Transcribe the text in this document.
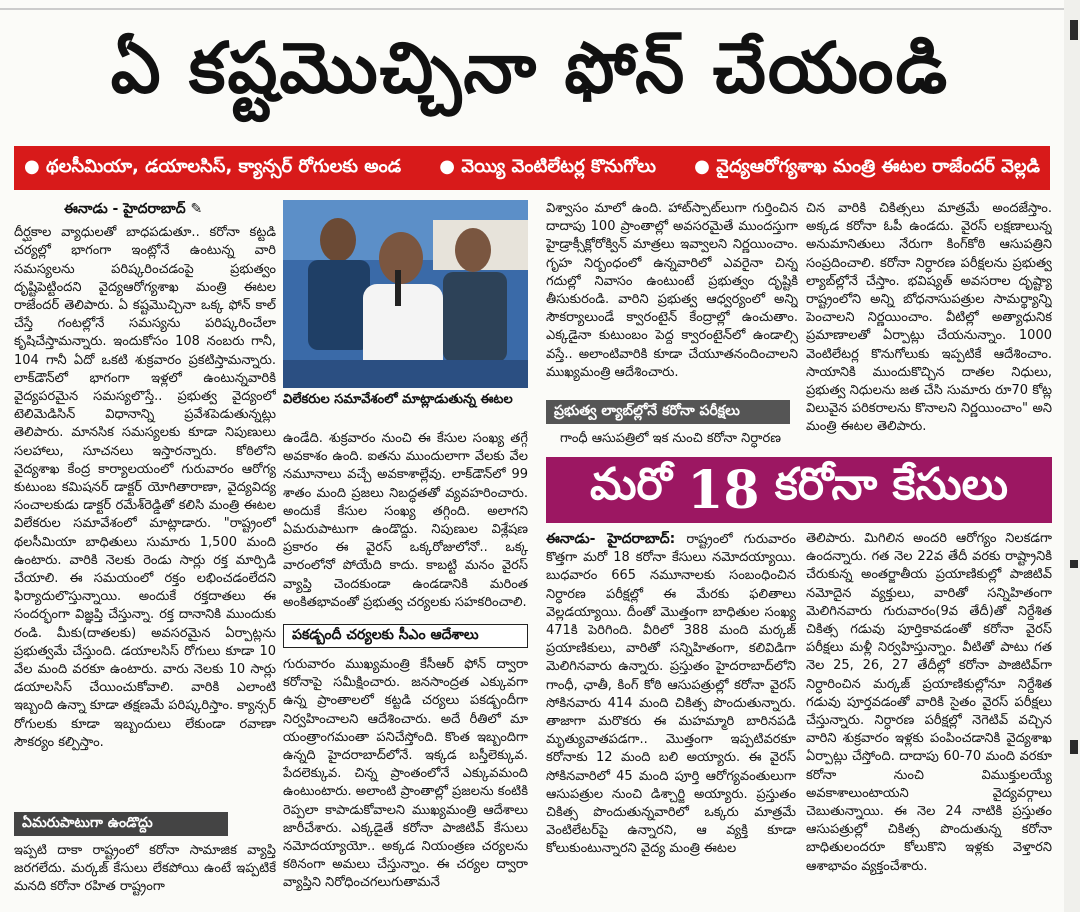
ఏ కష్టమొచ్చినా ఫోన్ చేయండి
● థలసీమియా, డయాలసిస్, క్యాన్సర్ రోగులకు అండ	● వెయ్యి వెంటిలేటర్ల కొనుగోలు	● వైద్యఆరోగ్యశాఖ మంత్రి ఈటల రాజేందర్ వెల్లడి
ఈనాడు - హైదరాబాద్ ✎
దీర్ఘకాల వ్యాధులతో బాధపడుతూ.. కరోనా కట్టడి చర్యల్లో భాగంగా ఇంట్లోనే ఉంటున్న వారి సమస్యలను పరిష్కరించడంపై ప్రభుత్వం దృష్టిపెట్టిందని వైద్యఆరోగ్యశాఖ మంత్రి ఈటల రాజేందర్ తెలిపారు. ఏ కష్టమొచ్చినా ఒక్క ఫోన్ కాల్ చేస్తే గంటల్లోనే సమస్యను పరిష్కరించేలా కృషిచేస్తామన్నారు. ఇందుకోసం 108 నంబరు గానీ, 104 గానీ ఏదో ఒకటి శుక్రవారం ప్రకటిస్తామన్నారు. లాక్‌డౌన్‌లో భాగంగా ఇళ్లలో ఉంటున్నవారికి వైద్యపరమైన సమస్యలొస్తే.. ప్రభుత్వ వైద్యంలో టెలిమెడిసిన్ విధానాన్ని ప్రవేశపెడుతున్నట్లు తెలిపారు. మానసిక సమస్యలకు కూడా నిపుణులు సలహాలు, సూచనలు ఇస్తారన్నారు. కోఠిలోని వైద్యశాఖ కేంద్ర కార్యాలయంలో గురువారం ఆరోగ్య కుటుంబ కమిషనర్ డాక్టర్ యోగితారాణా, వైద్యవిద్య సంచాలకుడు డాక్టర్ రమేశ్‌రెడ్డితో కలిసి మంత్రి ఈటల విలేకరుల సమావేశంలో మాట్లాడారు. "రాష్ట్రంలో థలసీమియా బాధితులు సుమారు 1,500 మంది ఉంటారు. వారికి నెలకు రెండు సార్లు రక్త మార్పిడి చేయాలి. ఈ సమయంలో రక్తం లభించడంలేదని ఫిర్యాదులొస్తున్నాయి. అందుకే రక్తదాతలు ఈ సందర్భంగా విజ్ఞప్తి చేస్తున్నా. రక్త దానానికి ముందుకు రండి. మీకు(దాతలకు) అవసరమైన ఏర్పాట్లను ప్రభుత్వమే చేస్తుంది. డయాలసిస్ రోగులు కూడా 10 వేల మంది వరకూ ఉంటారు. వారు నెలకు 10 సార్లు డయాలసిస్ చేయించుకోవాలి. వారికి ఎలాంటి ఇబ్బంది ఉన్నా కూడా తక్షణమే పరిష్కరిస్తాం. క్యాన్సర్ రోగులకు కూడా ఇబ్బందులు లేకుండా రవాణా సౌకర్యం కల్పిస్తాం.
ఏమరుపాటుగా ఉండొద్దు
ఇప్పటి దాకా రాష్ట్రంలో కరోనా సామాజిక వ్యాప్తి జరగలేదు. మర్కజ్ కేసులు లేకపోయి ఉంటే ఇప్పటికే మనది కరోనా రహిత రాష్ట్రంగా
విలేకరుల సమావేశంలో మాట్లాడుతున్న ఈటల
ఉండేది. శుక్రవారం నుంచి ఈ కేసుల సంఖ్య తగ్గే అవకాశం ఉంది. ఐతను ముందులాగా వేలకు వేల నమూనాలు వచ్చే అవకాశాల్లేవు. లాక్‌డౌన్‌లో 99 శాతం మంది ప్రజలు నిబద్ధతతో వ్యవహరించారు. అందుకే కేసుల సంఖ్య తగ్గింది. అలాగని ఏమరుపాటుగా ఉండొద్దు. నిపుణుల విశ్లేషణ ప్రకారం ఈ వైరస్ ఒక్కరోజులోనో.. ఒక్క వారంలోనో పోయేది కాదు. కాబట్టి మనం వైరస్ వ్యాప్తి చెందకుండా ఉండడానికి మరింత అంకితభావంతో ప్రభుత్వ చర్యలకు సహకరించాలి.
పకడ్బందీ చర్యలకు సీఎం ఆదేశాలు
గురువారం ముఖ్యమంత్రి కేసీఆర్ ఫోన్ ద్వారా కరోనాపై సమీక్షించారు. జనసాంద్రత ఎక్కువగా ఉన్న ప్రాంతాలలో కట్టడి చర్యలు పకడ్బందీగా నిర్వహించాలని ఆదేశించారు. అదే రీతిలో మా యంత్రాంగమంతా పనిచేస్తోంది. కొంత ఇబ్బందిగా ఉన్నది హైదరాబాద్‌లోనే. ఇక్కడ బస్తీలెక్కువ. పేదలెక్కువ. చిన్న ప్రాంతంలోనే ఎక్కువమంది ఉంటుంటారు. అలాంటి ప్రాంతాల్లో ప్రజలను కంటికి రెప్పలా కాపాడుకోవాలని ముఖ్యమంత్రి ఆదేశాలు జారీచేశారు. ఎక్కడైతే కరోనా పాజిటివ్ కేసులు నమోదయ్యాయో.. అక్కడ నియంత్రణ చర్యలను కఠినంగా అమలు చేస్తున్నాం. ఈ చర్యల ద్వారా వ్యాప్తిని నిరోధించగలుగుతామనే
విశ్వాసం మాలో ఉంది. హాట్‌స్పాట్‌లుగా గుర్తించిన దాదాపు 100 ప్రాంతాల్లో అవసరమైతే ముందస్తుగా హైడ్రాక్సీక్లోరోక్విన్ మాత్రలు ఇవ్వాలని నిర్ణయించాం. గృహ నిర్బంధంలో ఉన్నవారిలో ఎవరైనా చిన్న గదుల్లో నివాసం ఉంటుంటే ప్రభుత్వం దృష్టికి తీసుకురండి. వారిని ప్రభుత్వ ఆధ్వర్యంలో అన్ని సౌకర్యాలుండే క్వారంటైన్ కేంద్రాల్లో ఉంచుతాం. ఎక్కడైనా కుటుంబం పెద్ద క్వారంటైన్‌లో ఉండాల్సి వస్తే.. అలాంటివారికి కూడా చేయూతనందించాలని ముఖ్యమంత్రి ఆదేశించారు.
ప్రభుత్వ ల్యాబ్‌ల్లోనే కరోనా పరీక్షలు
గాంధీ ఆసుపత్రిలో ఇక నుంచి కరోనా నిర్ధారణ
చిన వారికి చికిత్సలు మాత్రమే అందజేస్తాం. అక్కడ కరోనా ఓపీ ఉండదు. వైరస్ లక్షణాలున్న అనుమానితులు నేరుగా కింగ్‌కోఠి ఆసుపత్రిని సంప్రదించాలి. కరోనా నిర్ధారణ పరీక్షలను ప్రభుత్వ ల్యాబ్‌ల్లోనే చేస్తాం. భవిష్యత్ అవసరాల దృష్ట్యా రాష్ట్రంలోని అన్ని బోధనాసుపత్రుల సామర్థ్యాన్ని పెంచాలని నిర్ణయించాం. వీటిల్లో అత్యాధునిక ప్రమాణాలతో ఏర్పాట్లు చేయనున్నాం. 1000 వెంటిలేటర్ల కొనుగోలుకు ఇప్పటికే ఆదేశించాం. సాయానికి ముందుకొచ్చిన దాతల నిధులు, ప్రభుత్వ నిధులను జత చేసి సుమారు రూ70 కోట్ల విలువైన పరికరాలను కొనాలని నిర్ణయించాం" అని మంత్రి ఈటల తెలిపారు.
మరో
18
కరోనా కేసులు
ఈనాడు- హైదరాబాద్: రాష్ట్రంలో గురువారం కొత్తగా మరో 18 కరోనా కేసులు నమోదయ్యాయి. బుధవారం 665 నమూనాలకు సంబంధించిన నిర్ధారణ పరీక్షల్లో ఈ మేరకు ఫలితాలు వెల్లడయ్యాయి. దీంతో మొత్తంగా బాధితుల సంఖ్య 471కి పెరిగింది. వీరిలో 388 మంది మర్కజ్ ప్రయాణికులు, వారితో సన్నిహితంగా, కలివిడిగా మెలిగినవారు ఉన్నారు. ప్రస్తుతం హైదరాబాద్‌లోని గాంధీ, ఛాతీ, కింగ్ కోఠి ఆసుపత్రుల్లో కరోనా వైరస్ సోకినవారు 414 మంది చికిత్స పొందుతున్నారు. తాజాగా మరొకరు ఈ మహమ్మారి బారినపడి మృత్యువాతపడగా.. మొత్తంగా ఇప్పటివరకూ కరోనాకు 12 మంది బలి అయ్యారు. ఈ వైరస్ సోకినవారిలో 45 మంది పూర్తి ఆరోగ్యవంతులుగా ఆసుపత్రుల నుంచి డిశ్చార్జి అయ్యారు. ప్రస్తుతం చికిత్స పొందుతున్నవారిలో ఒక్కరు మాత్రమే వెంటిలేటర్‌పై ఉన్నారని, ఆ వ్యక్తి కూడా కోలుకుంటున్నారని వైద్య మంత్రి ఈటల
తెలిపారు. మిగిలిన అందరి ఆరోగ్యం నిలకడగా ఉందన్నారు. గత నెల 22వ తేదీ వరకు రాష్ట్రానికి చేరుకున్న అంతర్జాతీయ ప్రయాణికుల్లో పాజిటివ్ నమోదైన వ్యక్తులు, వారితో సన్నిహితంగా మెలిగినవారు గురువారం(9వ తేదీ)తో నిర్దేశిత చికిత్స గడువు పూర్తికావడంతో కరోనా వైరస్ పరీక్షలు మళ్లీ నిర్వహిస్తున్నాం. వీటితో పాటు గత నెల 25, 26, 27 తేదీల్లో కరోనా పాజిటివ్‌గా నిర్ధారించిన మర్కజ్ ప్రయాణికుల్లోనూ నిర్దేశిత గడువు పూర్తవడంతో వారికి సైతం వైరస్ పరీక్షలు చేస్తున్నారు. నిర్ధారణ పరీక్షల్లో నెగెటివ్ వచ్చిన వారిని శుక్రవారం ఇళ్లకు పంపించడానికి వైద్యశాఖ ఏర్పాట్లు చేస్తోంది. దాదాపు 60-70 మంది వరకూ కరోనా నుంచి విముక్తులయ్యే అవకాశాలుంటాయని వైద్యవర్గాలు చెబుతున్నాయి. ఈ నెల 24 నాటికి ప్రస్తుతం ఆసుపత్రుల్లో చికిత్స పొందుతున్న కరోనా బాధితులందరూ కోలుకొని ఇళ్లకు వెళ్తారని ఆశాభావం వ్యక్తంచేశారు.
